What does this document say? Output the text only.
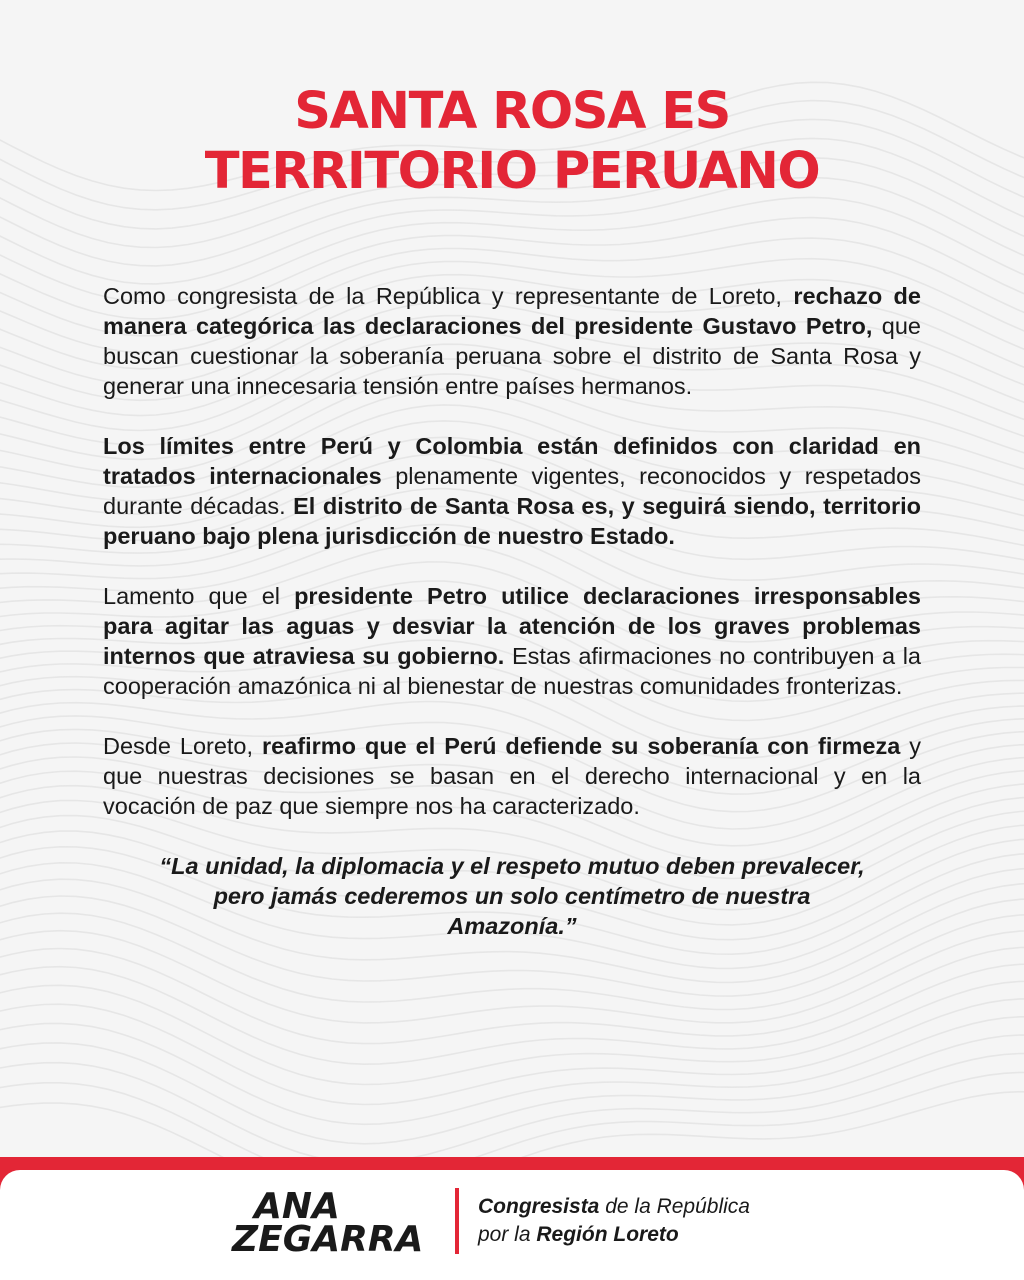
SANTA ROSA ES
TERRITORIO PERUANO

Como congresista de la República y representante de Loreto, rechazo de manera categórica las declaraciones del presidente Gustavo Petro, que buscan cuestionar la soberanía peruana sobre el distrito de Santa Rosa y generar una innecesaria tensión entre países hermanos.

Los límites entre Perú y Colombia están definidos con claridad en tratados internacionales plenamente vigentes, reconocidos y respetados durante décadas. El distrito de Santa Rosa es, y seguirá siendo, territorio peruano bajo plena jurisdicción de nuestro Estado.

Lamento que el presidente Petro utilice declaraciones irresponsables para agitar las aguas y desviar la atención de los graves problemas internos que atraviesa su gobierno. Estas afirmaciones no contribuyen a la cooperación amazónica ni al bienestar de nuestras comunidades fronterizas.

Desde Loreto, reafirmo que el Perú defiende su soberanía con firmeza y que nuestras decisiones se basan en el derecho internacional y en la vocación de paz que siempre nos ha caracterizado.

“La unidad, la diplomacia y el respeto mutuo deben prevalecer,
pero jamás cederemos un solo centímetro de nuestra
Amazonía.”

ANA
ZEGARRA
Congresista de la República
por la Región Loreto
